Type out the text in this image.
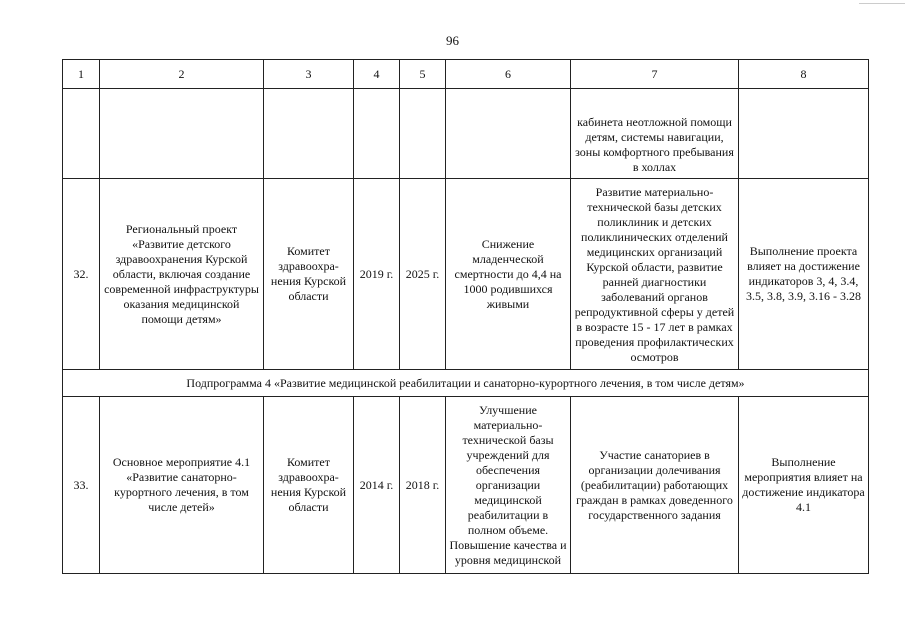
96
1	2	3	4	5	6	7	8
						кабинета неотложной помощи детям, системы навигации, зоны комфортного пребывания в холлах	
32.	Региональный проект «Развитие детского здравоохранения Курской области, включая создание современной инфраструктуры оказания медицинской помощи детям»	Комитет здравоохра-нения Курской области	2019 г.	2025 г.	Снижение младенческой смертности до 4,4 на 1000 родившихся живыми	Развитие материально-технической базы детских поликлиник и детских поликлинических отделений медицинских организаций Курской области, развитие ранней диагностики заболеваний органов репродуктивной сферы у детей в возрасте 15 - 17 лет в рамках проведения профилактических осмотров	Выполнение проекта влияет на достижение индикаторов 3, 4, 3.4, 3.5, 3.8, 3.9, 3.16 - 3.28
Подпрограмма 4 «Развитие медицинской реабилитации и санаторно-курортного лечения, в том числе детям»							
33.	Основное мероприятие 4.1 «Развитие санаторно-курортного лечения, в том числе детей»	Комитет здравоохра-нения Курской области	2014 г.	2018 г.	Улучшение материально-технической базы учреждений для обеспечения организации медицинской реабилитации в полном объеме. Повышение качества и уровня медицинской	Участие санаториев в организации долечивания (реабилитации) работающих граждан в рамках доведенного государственного задания	Выполнение мероприятия влияет на достижение индикатора 4.1
